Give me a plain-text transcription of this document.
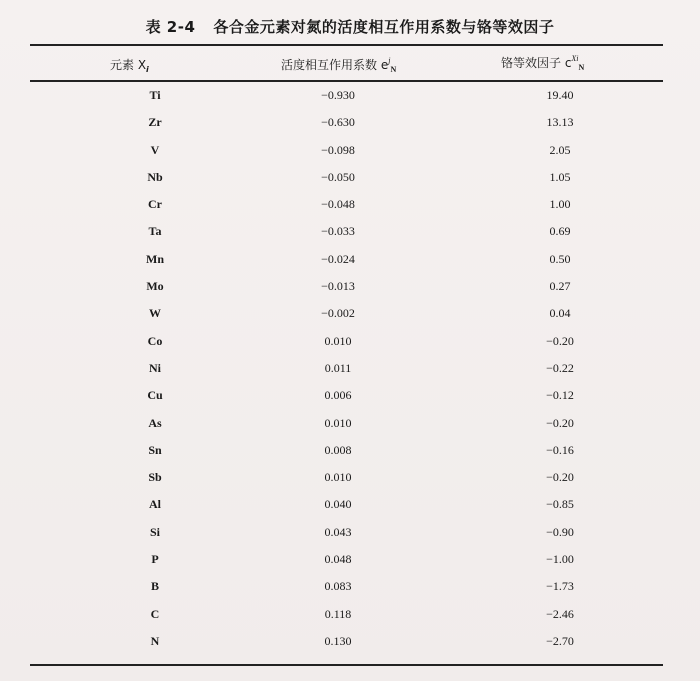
表 2-4 各合金元素对氮的活度相互作用系数与铬等效因子
元素 $X_i$	活度相互作用系数 $e^j_N$	铬等效因子 $c^{Xi}_N$
Ti	−0.930	19.40
Zr	−0.630	13.13
V	−0.098	2.05
Nb	−0.050	1.05
Cr	−0.048	1.00
Ta	−0.033	0.69
Mn	−0.024	0.50
Mo	−0.013	0.27
W	−0.002	0.04
Co	0.010	−0.20
Ni	0.011	−0.22
Cu	0.006	−0.12
As	0.010	−0.20
Sn	0.008	−0.16
Sb	0.010	−0.20
Al	0.040	−0.85
Si	0.043	−0.90
P	0.048	−1.00
B	0.083	−1.73
C	0.118	−2.46
N	0.130	−2.70
